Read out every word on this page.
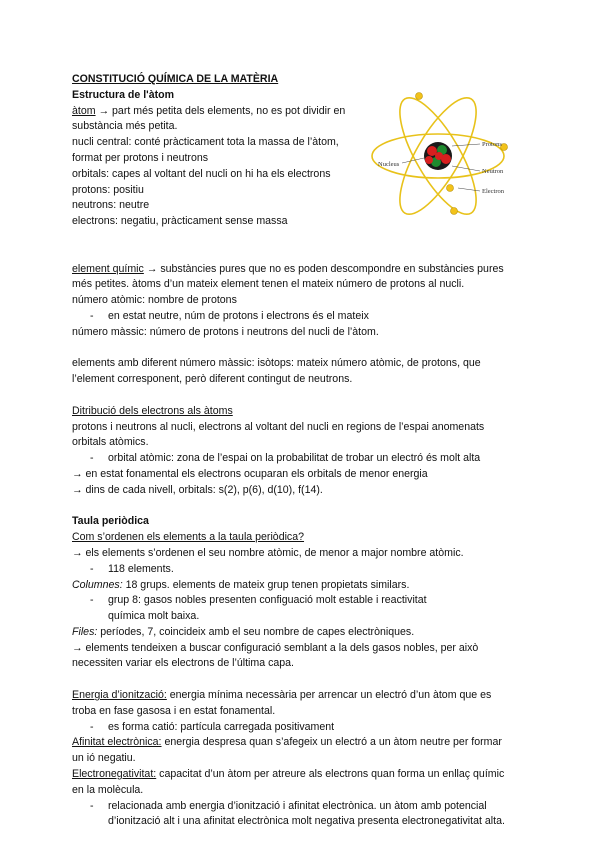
CONSTITUCIÓ QUÍMICA DE LA MATÈRIA
Estructura de l'àtom
àtom → part més petita dels elements, no es pot dividir en
substància més petita.
nucli central: conté pràcticament tota la massa de l’àtom,
format per protons i neutrons
orbitals: capes al voltant del nucli on hi ha els electrons
protons: positiu
neutrons: neutre
electrons: negatiu, pràcticament sense massa
element químic → substàncies pures que no es poden descompondre en substàncies pures
més petites. àtoms d’un mateix element tenen el mateix número de protons al nucli.
número atòmic: nombre de protons
- en estat neutre, núm de protons i electrons és el mateix
número màssic: número de protons i neutrons del nucli de l’àtom.
elements amb diferent número màssic: isòtops: mateix número atòmic, de protons, que
l’element corresponent, però diferent contingut de neutrons.
Ditribució dels electrons als àtoms
protons i neutrons al nucli, electrons al voltant del nucli en regions de l’espai anomenats
orbitals atòmics.
- orbital atòmic: zona de l’espai on la probabilitat de trobar un electró és molt alta
→ en estat fonamental els electrons ocuparan els orbitals de menor energia
→ dins de cada nivell, orbitals: s(2), p(6), d(10), f(14).
Taula periòdica
Com s’ordenen els elements a la taula periòdica?
→ els elements s’ordenen el seu nombre atòmic, de menor a major nombre atòmic.
- 118 elements.
Columnes: 18 grups. elements de mateix grup tenen propietats similars.
- grup 8: gasos nobles presenten configuació molt estable i reactivitat química molt baixa.
Files: períodes, 7, coincideix amb el seu nombre de capes electròniques.
→ elements tendeixen a buscar configuració semblant a la dels gasos nobles, per això
necessiten variar els electrons de l’última capa.
Energia d’ionització: energia mínima necessària per arrencar un electró d’un àtom que es
troba en fase gasosa i en estat fonamental.
- es forma catió: partícula carregada positivament
Afinitat electrònica: energia despresa quan s’afegeix un electró a un àtom neutre per formar
un ió negatiu.
Electronegativitat: capacitat d’un àtom per atreure als electrons quan forma un enllaç químic
en la molècula.
- relacionada amb energia d’ionització i afinitat electrònica. un àtom amb potencial d’ionització alt i una afinitat electrònica molt negativa presenta electronegativitat alta.
Protons
Neutron
Electron
Nucleus
